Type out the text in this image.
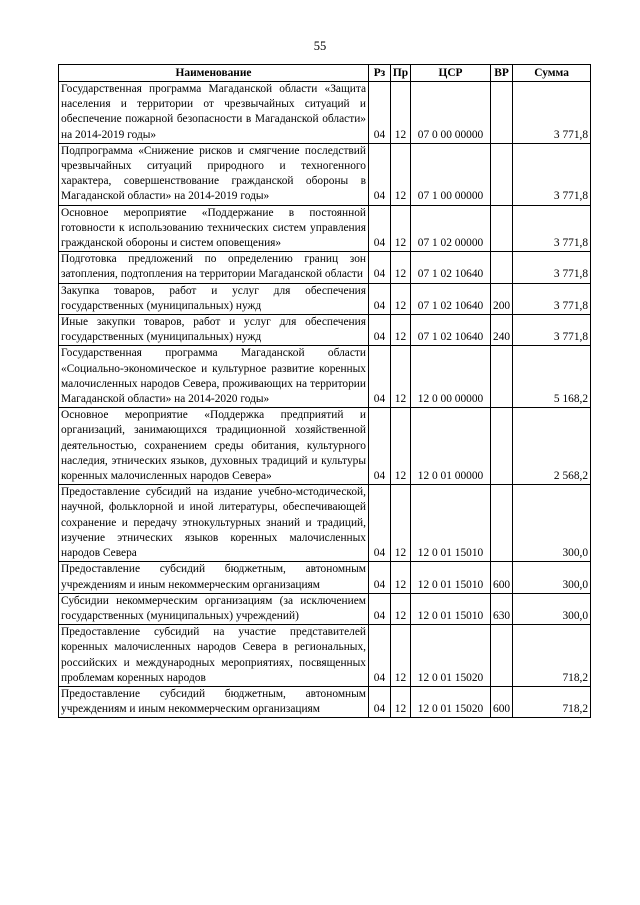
55
Наименование	Рз	Пр	ЦСР	ВР	Сумма
Государственная программа Магаданской области «Защита населения и территории от чрезвычайных ситуаций и обеспечение пожарной безопасности в Магаданской области» на 2014-2019 годы»	04	12	07 0 00 00000		3 771,8
Подпрограмма «Снижение рисков и смягчение последствий чрезвычайных ситуаций природного и техногенного характера, совершенствование гражданской обороны в Магаданской области» на 2014-2019 годы»	04	12	07 1 00 00000		3 771,8
Основное мероприятие «Поддержание в постоянной готовности к использованию технических систем управления гражданской обороны и систем оповещения»	04	12	07 1 02 00000		3 771,8
Подготовка предложений по определению границ зон затопления, подтопления на территории Магаданской области	04	12	07 1 02 10640		3 771,8
Закупка товаров, работ и услуг для обеспечения государственных (муниципальных) нужд	04	12	07 1 02 10640	200	3 771,8
Иные закупки товаров, работ и услуг для обеспечения государственных (муниципальных) нужд	04	12	07 1 02 10640	240	3 771,8
Государственная программа Магаданской области «Социально-экономическое и культурное развитие коренных малочисленных народов Севера, проживающих на территории Магаданской области» на 2014-2020 годы»	04	12	12 0 00 00000		5 168,2
Основное мероприятие «Поддержка предприятий и организаций, занимающихся традиционной хозяйственной деятельностью, сохранением среды обитания, культурного наследия, этнических языков, духовных традиций и культуры коренных малочисленных народов Севера»	04	12	12 0 01 00000		2 568,2
Предоставление субсидий на издание учебно-мстодической, научной, фольклорной и иной литературы, обеспечивающей сохранение и передачу этнокультурных знаний и традиций, изучение этнических языков коренных малочисленных народов Севера	04	12	12 0 01 15010		300,0
Предоставление субсидий бюджетным, автономным учреждениям и иным некоммерческим организациям	04	12	12 0 01 15010	600	300,0
Субсидии некоммерческим организациям (за исключением государственных (муниципальных) учреждений)	04	12	12 0 01 15010	630	300,0
Предоставление субсидий на участие представителей коренных малочисленных народов Севера в региональных, российских и международных мероприятиях, посвященных проблемам коренных народов	04	12	12 0 01 15020		718,2
Предоставление субсидий бюджетным, автономным учреждениям и иным некоммерческим организациям	04	12	12 0 01 15020	600	718,2
